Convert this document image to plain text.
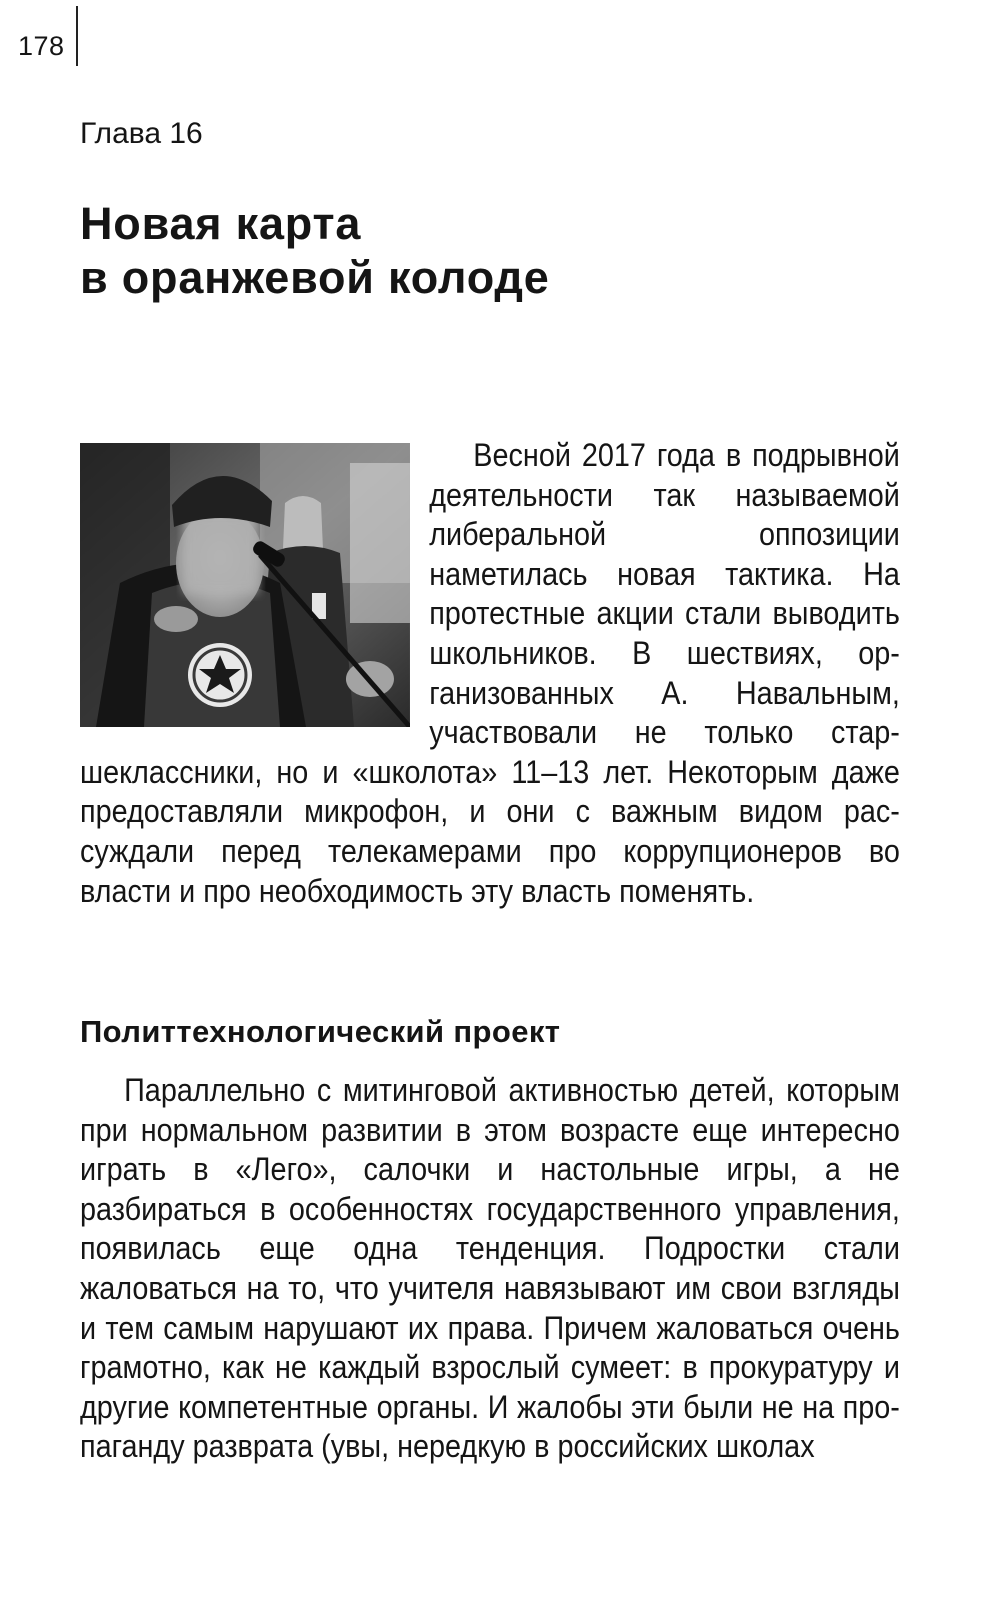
178
Глава 16
Новая карта
в оранжевой колоде
Весной 2017 года в подрывной деятельности так называемой либеральной оппозиции наметилась новая тактика. На протестные акции стали выводить школьников. В шествиях, организованных А. Навальным, участвовали не только старшеклассники, но и «школота» 11–13 лет. Некоторым даже предоставляли микрофон, и они с важным видом рассуждали перед телекамерами про коррупционеров во власти и про необходимость эту власть поменять.
Политтехнологический проект
Параллельно с митинговой активностью детей, которым при нормальном развитии в этом возрасте еще интересно играть в «Лего», салочки и настольные игры, а не разбираться в особенностях государственного управления, появилась еще одна тенденция. Подростки стали жаловаться на то, что учителя навязывают им свои взгляды и тем самым нарушают их права. Причем жаловаться очень грамотно, как не каждый взрослый сумеет: в прокуратуру и другие компетентные органы. И жалобы эти были не на пропаганду разврата (увы, нередкую в российских школах
